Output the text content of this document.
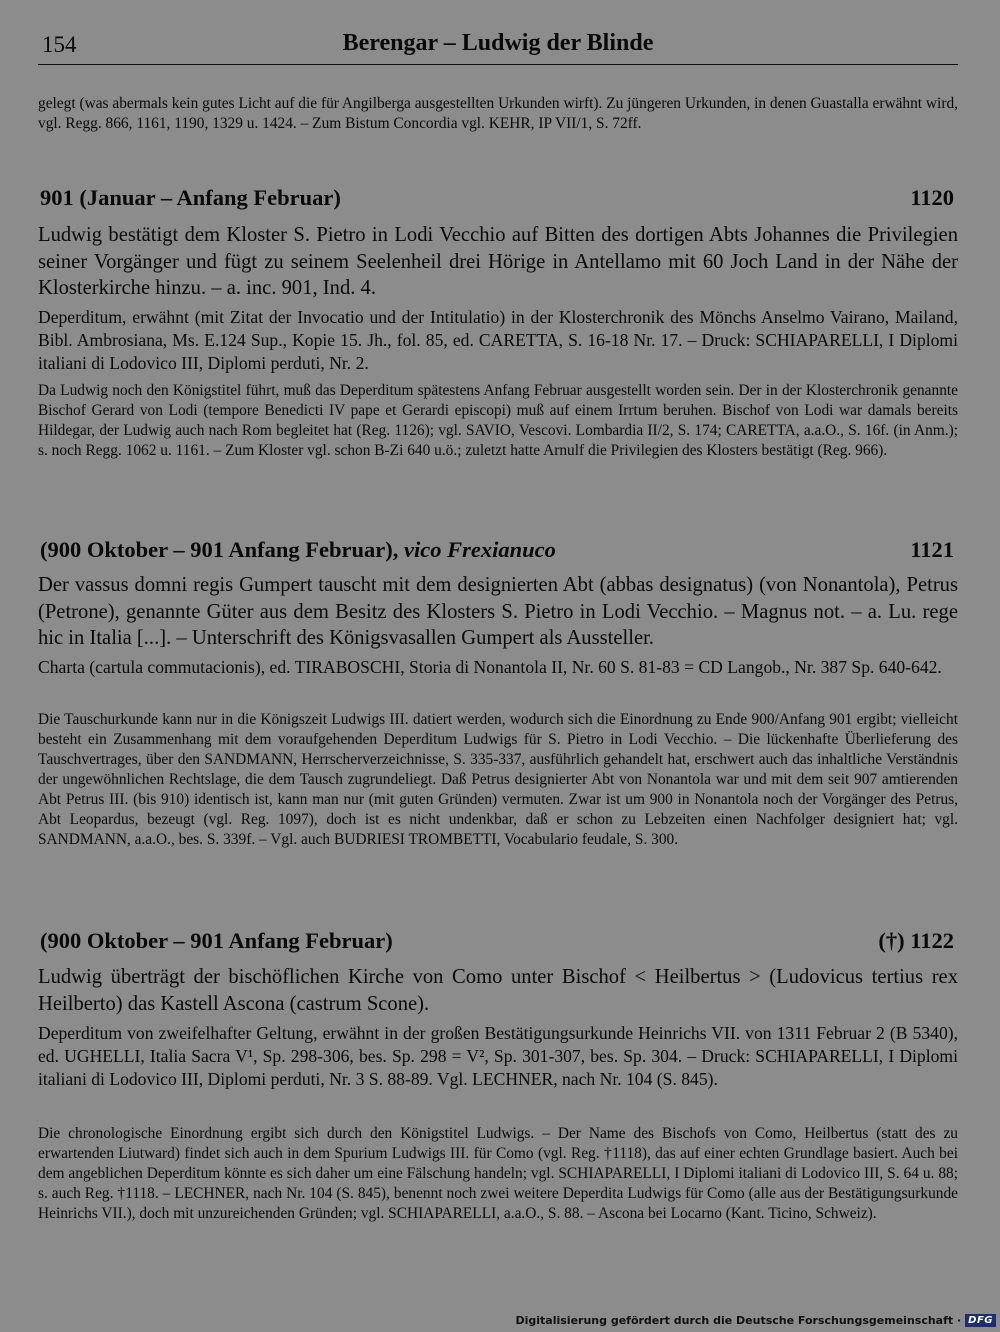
154	Berengar – Ludwig der Blinde

gelegt (was abermals kein gutes Licht auf die für Angilberga ausgestellten Urkunden wirft). Zu jüngeren Urkunden, in denen Guastalla erwähnt wird, vgl. Regg. 866, 1161, 1190, 1329 u. 1424. – Zum Bistum Concordia vgl. KEHR, IP VII/1, S. 72ff.

901 (Januar – Anfang Februar)	1120

Ludwig bestätigt dem Kloster S. Pietro in Lodi Vecchio auf Bitten des dortigen Abts Johannes die Privilegien seiner Vorgänger und fügt zu seinem Seelenheil drei Hörige in Antellamo mit 60 Joch Land in der Nähe der Klosterkirche hinzu. – a. inc. 901, Ind. 4.

Deperditum, erwähnt (mit Zitat der Invocatio und der Intitulatio) in der Klosterchronik des Mönchs Anselmo Vairano, Mailand, Bibl. Ambrosiana, Ms. E.124 Sup., Kopie 15. Jh., fol. 85, ed. CARETTA, S. 16-18 Nr. 17. – Druck: SCHIAPARELLI, I Diplomi italiani di Lodovico III, Diplomi perduti, Nr. 2.

Da Ludwig noch den Königstitel führt, muß das Deperditum spätestens Anfang Februar ausgestellt worden sein. Der in der Klosterchronik genannte Bischof Gerard von Lodi (tempore Benedicti IV pape et Gerardi episcopi) muß auf einem Irrtum beruhen. Bischof von Lodi war damals bereits Hildegar, der Ludwig auch nach Rom begleitet hat (Reg. 1126); vgl. SAVIO, Vescovi. Lombardia II/2, S. 174; CARETTA, a.a.O., S. 16f. (in Anm.); s. noch Regg. 1062 u. 1161. – Zum Kloster vgl. schon B-Zi 640 u.ö.; zuletzt hatte Arnulf die Privilegien des Klosters bestätigt (Reg. 966).

(900 Oktober – 901 Anfang Februar), vico Frexianuco	1121

Der vassus domni regis Gumpert tauscht mit dem designierten Abt (abbas designatus) (von Nonantola), Petrus (Petrone), genannte Güter aus dem Besitz des Klosters S. Pietro in Lodi Vecchio. – Magnus not. – a. Lu. rege hic in Italia [...]. – Unterschrift des Königsvasallen Gumpert als Aussteller.

Charta (cartula commutacionis), ed. TIRABOSCHI, Storia di Nonantola II, Nr. 60 S. 81-83 = CD Langob., Nr. 387 Sp. 640-642.

Die Tauschurkunde kann nur in die Königszeit Ludwigs III. datiert werden, wodurch sich die Einordnung zu Ende 900/Anfang 901 ergibt; vielleicht besteht ein Zusammenhang mit dem voraufgehenden Deperditum Ludwigs für S. Pietro in Lodi Vecchio. – Die lückenhafte Überlieferung des Tauschvertrages, über den SANDMANN, Herrscherverzeichnisse, S. 335-337, ausführlich gehandelt hat, erschwert auch das inhaltliche Verständnis der ungewöhnlichen Rechtslage, die dem Tausch zugrundeliegt. Daß Petrus designierter Abt von Nonantola war und mit dem seit 907 amtierenden Abt Petrus III. (bis 910) identisch ist, kann man nur (mit guten Gründen) vermuten. Zwar ist um 900 in Nonantola noch der Vorgänger des Petrus, Abt Leopardus, bezeugt (vgl. Reg. 1097), doch ist es nicht undenkbar, daß er schon zu Lebzeiten einen Nachfolger designiert hat; vgl. SANDMANN, a.a.O., bes. S. 339f. – Vgl. auch BUDRIESI TROMBETTI, Vocabulario feudale, S. 300.

(900 Oktober – 901 Anfang Februar)	(†) 1122

Ludwig überträgt der bischöflichen Kirche von Como unter Bischof < Heilbertus > (Ludovicus tertius rex Heilberto) das Kastell Ascona (castrum Scone).

Deperditum von zweifelhafter Geltung, erwähnt in der großen Bestätigungsurkunde Heinrichs VII. von 1311 Februar 2 (B 5340), ed. UGHELLI, Italia Sacra V¹, Sp. 298-306, bes. Sp. 298 = V², Sp. 301-307, bes. Sp. 304. – Druck: SCHIAPARELLI, I Diplomi italiani di Lodovico III, Diplomi perduti, Nr. 3 S. 88-89. Vgl. LECHNER, nach Nr. 104 (S. 845).

Die chronologische Einordnung ergibt sich durch den Königstitel Ludwigs. – Der Name des Bischofs von Como, Heilbertus (statt des zu erwartenden Liutward) findet sich auch in dem Spurium Ludwigs III. für Como (vgl. Reg. †1118), das auf einer echten Grundlage basiert. Auch bei dem angeblichen Deperditum könnte es sich daher um eine Fälschung handeln; vgl. SCHIAPARELLI, I Diplomi italiani di Lodovico III, S. 64 u. 88; s. auch Reg. †1118. – LECHNER, nach Nr. 104 (S. 845), benennt noch zwei weitere Deperdita Ludwigs für Como (alle aus der Bestätigungsurkunde Heinrichs VII.), doch mit unzureichenden Gründen; vgl. SCHIAPARELLI, a.a.O., S. 88. – Ascona bei Locarno (Kant. Ticino, Schweiz).

Digitalisierung gefördert durch die Deutsche Forschungsgemeinschaft · DFG
